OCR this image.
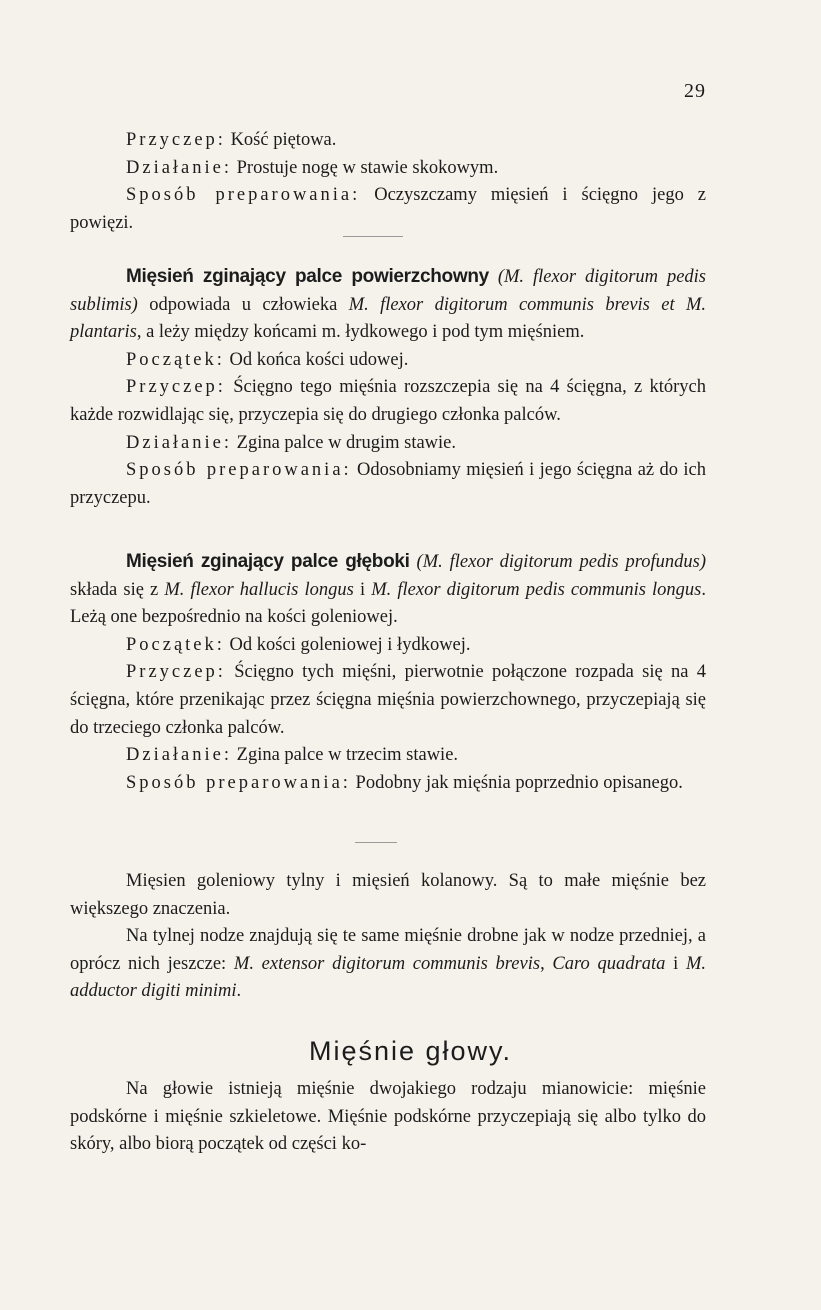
29

Przyczep: Kość piętowa.

Działanie: Prostuje nogę w stawie skokowym.

Sposób preparowania: Oczyszczamy mięsień i ścięgno jego z powięzi.

Mięsień zginający palce powierzchowny (M. flexor digitorum pedis sublimis) odpowiada u człowieka M. flexor digitorum communis brevis et M. plantaris, a leży między końcami m. łydkowego i pod tym mięśniem.

Początek: Od końca kości udowej.

Przyczep: Ścięgno tego mięśnia rozszczepia się na 4 ścięgna, z których każde rozwidlając się, przyczepia się do drugiego członka palców.

Działanie: Zgina palce w drugim stawie.

Sposób preparowania: Odosobniamy mięsień i jego ścięgna aż do ich przyczepu.

Mięsień zginający palce głęboki (M. flexor digitorum pedis profundus) składa się z M. flexor hallucis longus i M. flexor digitorum pedis communis longus. Leżą one bezpośrednio na kości goleniowej.

Początek: Od kości goleniowej i łydkowej.

Przyczep: Ścięgno tych mięśni, pierwotnie połączone rozpada się na 4 ścięgna, które przenikając przez ścięgna mięśnia powierzchownego, przyczepiają się do trzeciego członka palców.

Działanie: Zgina palce w trzecim stawie.

Sposób preparowania: Podobny jak mięśnia poprzednio opisanego.

Mięsien goleniowy tylny i mięsień kolanowy. Są to małe mięśnie bez większego znaczenia.

Na tylnej nodze znajdują się te same mięśnie drobne jak w nodze przedniej, a oprócz nich jeszcze: M. extensor digitorum communis brevis, Caro quadrata i M. adductor digiti minimi.

Mięśnie głowy.

Na głowie istnieją mięśnie dwojakiego rodzaju mianowicie: mięśnie podskórne i mięśnie szkieletowe. Mięśnie podskórne przyczepiają się albo tylko do skóry, albo biorą początek od części ko-
